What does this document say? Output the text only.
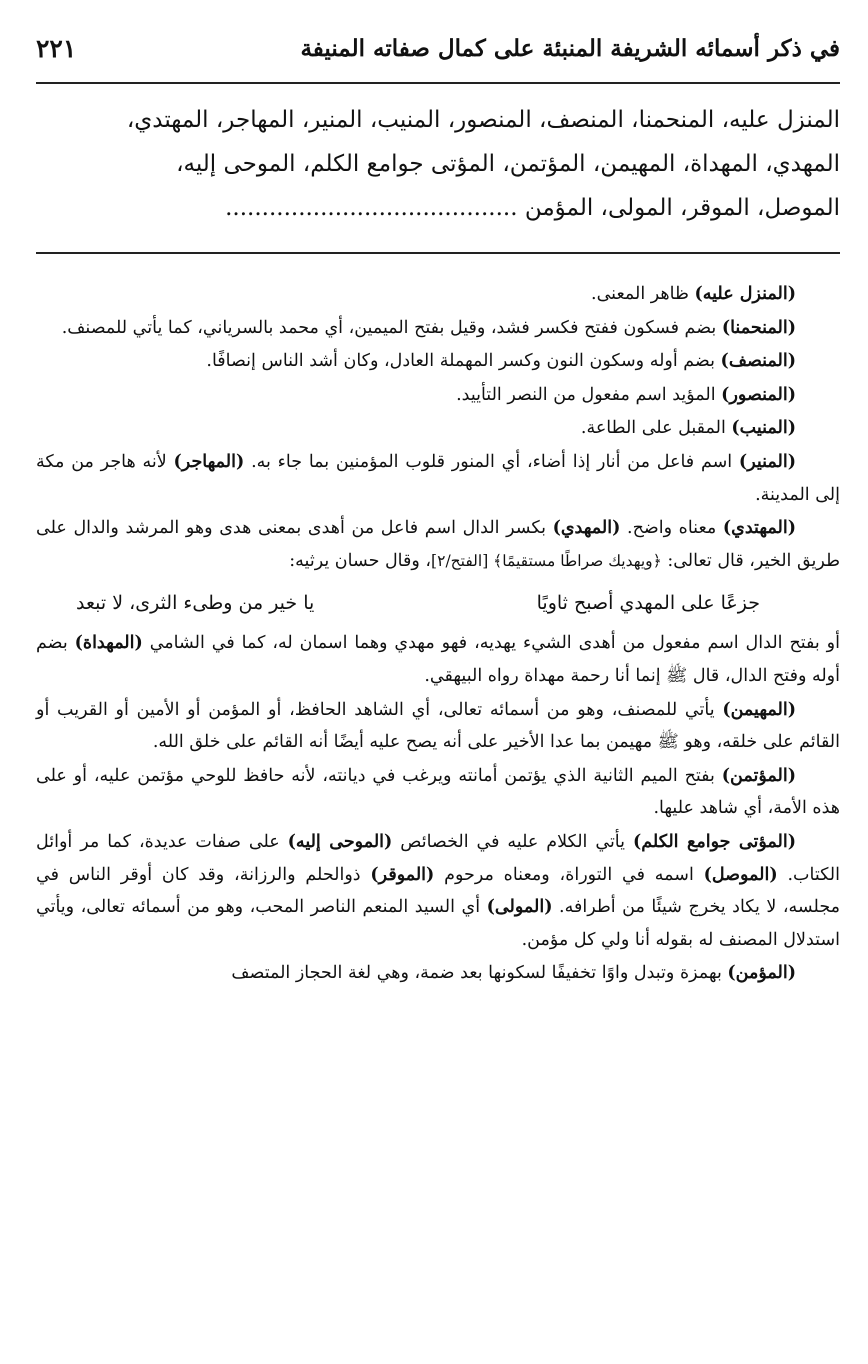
في ذكر أسمائه الشريفة المنبئة على كمال صفاته المنيفة
٢٢١
المنزل عليه، المنحمنا، المنصف، المنصور، المنيب، المنير، المهاجر، المهتدي،
المهدي، المهداة، المهيمن، المؤتمن، المؤتى جوامع الكلم، الموحى إليه،
الموصل، الموقر، المولى، المؤمن ........................................

(المنزل عليه) ظاهر المعنى.

(المنحمنا) بضم فسكون ففتح فكسر فشد، وقيل بفتح الميمين، أي محمد بالسرياني، كما يأتي للمصنف.

(المنصف) بضم أوله وسكون النون وكسر المهملة العادل، وكان أشد الناس إنصافًا.

(المنصور) المؤيد اسم مفعول من النصر التأييد.

(المنيب) المقبل على الطاعة.

(المنير) اسم فاعل من أنار إذا أضاء، أي المنور قلوب المؤمنين بما جاء به. (المهاجر) لأنه هاجر من مكة إلى المدينة.

(المهتدي) معناه واضح. (المهدي) بكسر الدال اسم فاعل من أهدى بمعنى هدى وهو المرشد والدال على طريق الخير، قال تعالى: ﴿ويهديك صراطًا مستقيمًا﴾ [الفتح/٢]، وقال حسان يرثيه:

جزعًا على المهدي أصبح ثاويًا
يا خير من وطىء الثرى، لا تبعد

أو بفتح الدال اسم مفعول من أهدى الشيء يهديه، فهو مهدي وهما اسمان له، كما في الشامي (المهداة) بضم أوله وفتح الدال، قال ﷺ إنما أنا رحمة مهداة رواه البيهقي.

(المهيمن) يأتي للمصنف، وهو من أسمائه تعالى، أي الشاهد الحافظ، أو المؤمن أو الأمين أو القريب أو القائم على خلقه، وهو ﷺ مهيمن بما عدا الأخير على أنه يصح عليه أيضًا أنه القائم على خلق الله.

(المؤتمن) بفتح الميم الثانية الذي يؤتمن أمانته ويرغب في ديانته، لأنه حافظ للوحي مؤتمن عليه، أو على هذه الأمة، أي شاهد عليها.

(المؤتى جوامع الكلم) يأتي الكلام عليه في الخصائص (الموحى إليه) على صفات عديدة، كما مر أوائل الكتاب. (الموصل) اسمه في التوراة، ومعناه مرحوم (الموقر) ذوالحلم والرزانة، وقد كان أوقر الناس في مجلسه، لا يكاد يخرج شيئًا من أطرافه. (المولى) أي السيد المنعم الناصر المحب، وهو من أسمائه تعالى، ويأتي استدلال المصنف له بقوله أنا ولي كل مؤمن.

(المؤمن) بهمزة وتبدل واوًا تخفيفًا لسكونها بعد ضمة، وهي لغة الحجاز المتصف
